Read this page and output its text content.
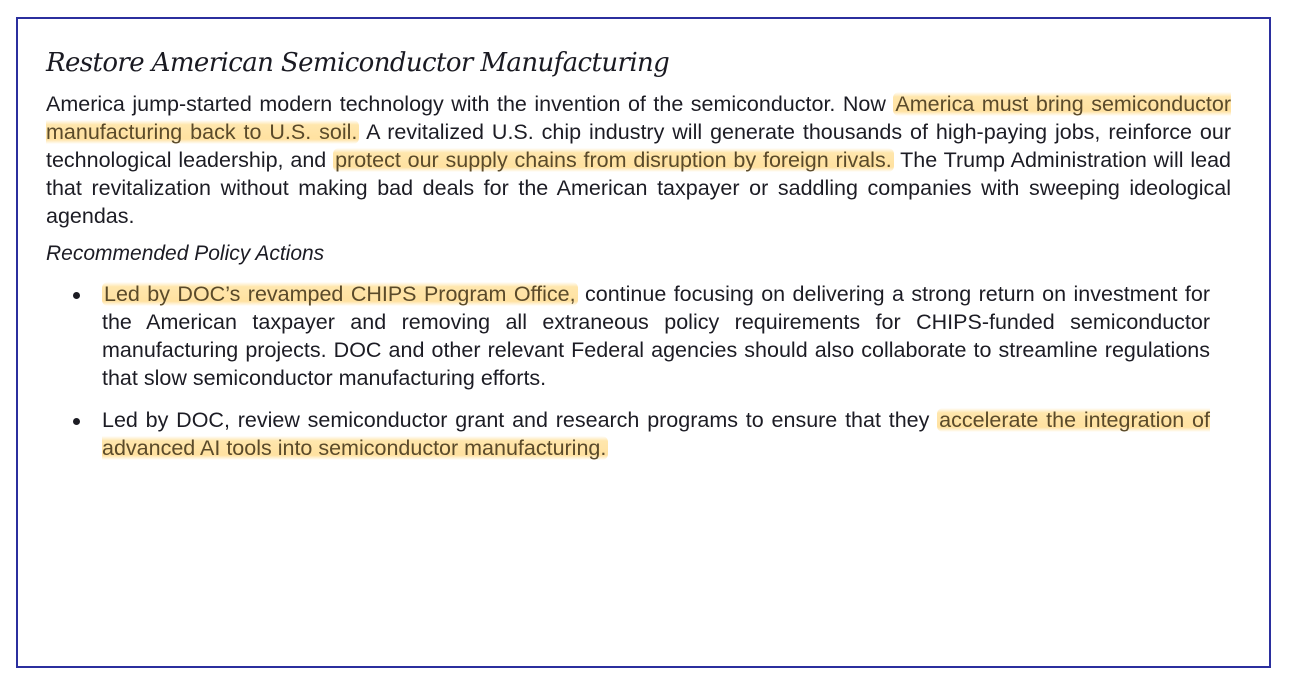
Restore American Semiconductor Manufacturing

America jump-started modern technology with the invention of the semiconductor. Now America must bring semiconductor manufacturing back to U.S. soil. A revitalized U.S. chip industry will generate thousands of high-paying jobs, reinforce our technological leadership, and protect our supply chains from disruption by foreign rivals. The Trump Administration will lead that revitalization without making bad deals for the American taxpayer or saddling companies with sweeping ideological agendas.

Recommended Policy Actions

Led by DOC’s revamped CHIPS Program Office, continue focusing on delivering a strong return on investment for the American taxpayer and removing all extraneous policy requirements for CHIPS-funded semiconductor manufacturing projects. DOC and other relevant Federal agencies should also collaborate to streamline regulations that slow semiconductor manufacturing efforts.
Led by DOC, review semiconductor grant and research programs to ensure that they accelerate the integration of advanced AI tools into semiconductor manufacturing.
